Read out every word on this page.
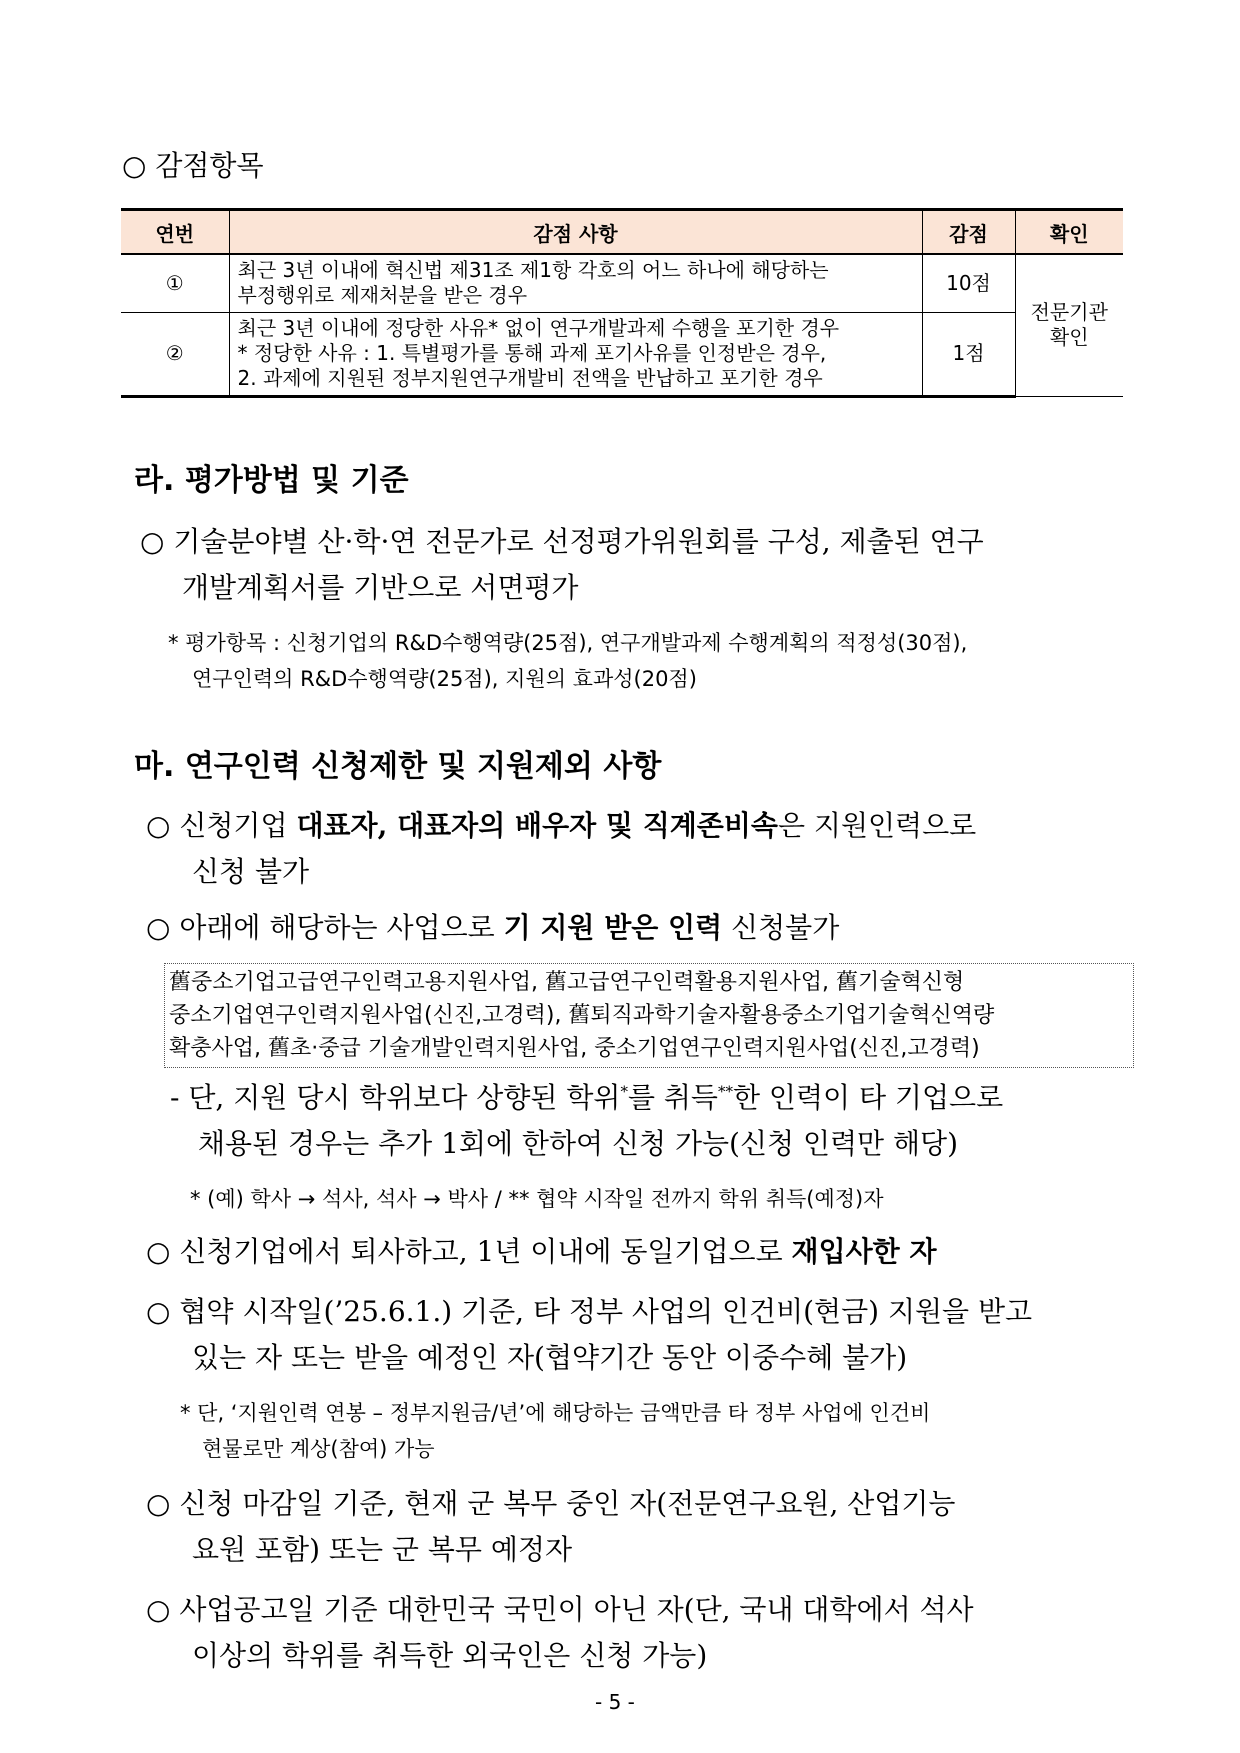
○ 감점항목
연번	감점 사항	감점	확인
①	최근 3년 이내에 혁신법 제31조 제1항 각호의 어느 하나에 해당하는
부정행위로 제재처분을 받은 경우	10점	전문기관
확인

②	최근 3년 이내에 정당한 사유* 없이 연구개발과제 수행을 포기한 경우
* 정당한 사유 : 1. 특별평가를 통해 과제 포기사유를 인정받은 경우,
2. 과제에 지원된 정부지원연구개발비 전액을 반납하고 포기한 경우	1점	
라. 평가방법 및 기준
○ 기술분야별 산·학·연 전문가로 선정평가위원회를 구성, 제출된 연구
개발계획서를 기반으로 서면평가
* 평가항목 : 신청기업의 R&D수행역량(25점), 연구개발과제 수행계획의 적정성(30점),
연구인력의 R&D수행역량(25점), 지원의 효과성(20점)
마. 연구인력 신청제한 및 지원제외 사항
○ 신청기업 대표자, 대표자의 배우자 및 직계존비속은 지원인력으로
신청 불가
○ 아래에 해당하는 사업으로 기 지원 받은 인력 신청불가
舊중소기업고급연구인력고용지원사업, 舊고급연구인력활용지원사업, 舊기술혁신형
중소기업연구인력지원사업(신진,고경력), 舊퇴직과학기술자활용중소기업기술혁신역량
확충사업, 舊초·중급 기술개발인력지원사업, 중소기업연구인력지원사업(신진,고경력)
- 단, 지원 당시 학위보다 상향된 학위*를 취득**한 인력이 타 기업으로
채용된 경우는 추가 1회에 한하여 신청 가능(신청 인력만 해당)
* (예) 학사 → 석사, 석사 → 박사 / ** 협약 시작일 전까지 학위 취득(예정)자
○ 신청기업에서 퇴사하고, 1년 이내에 동일기업으로 재입사한 자
○ 협약 시작일(’25.6.1.) 기준, 타 정부 사업의 인건비(현금) 지원을 받고
있는 자 또는 받을 예정인 자(협약기간 동안 이중수혜 불가)
* 단, ‘지원인력 연봉 – 정부지원금/년’에 해당하는 금액만큼 타 정부 사업에 인건비
현물로만 계상(참여) 가능
○ 신청 마감일 기준, 현재 군 복무 중인 자(전문연구요원, 산업기능
요원 포함) 또는 군 복무 예정자
○ 사업공고일 기준 대한민국 국민이 아닌 자(단, 국내 대학에서 석사
이상의 학위를 취득한 외국인은 신청 가능)
- 5 -
